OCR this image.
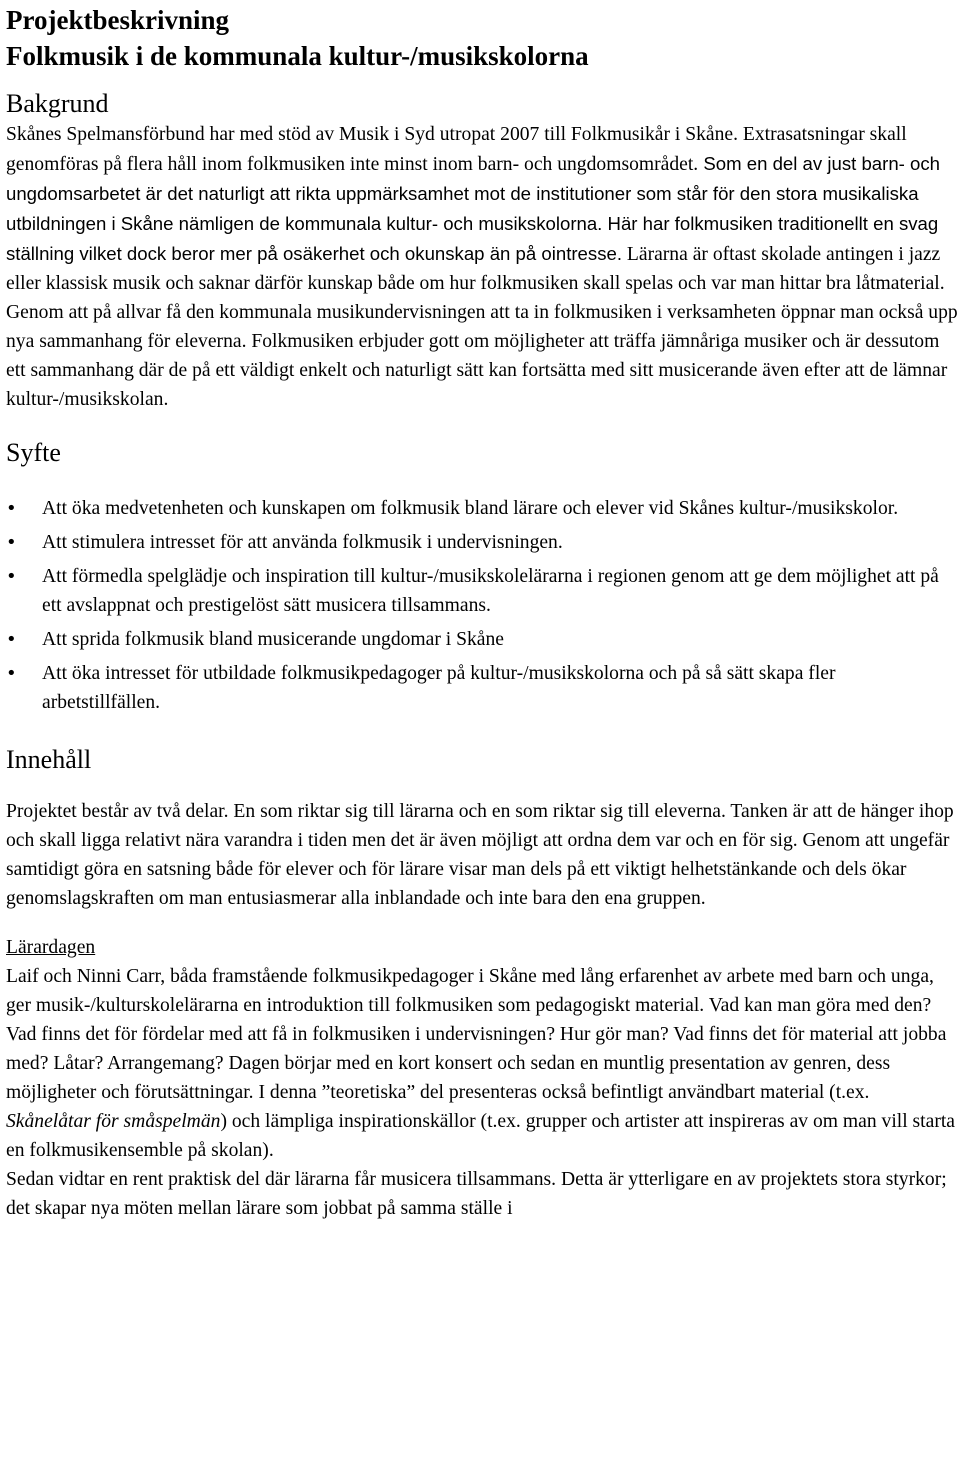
Projektbeskrivning
Folkmusik i de kommunala kultur-/musikskolorna
Bakgrund

Skånes Spelmansförbund har med stöd av Musik i Syd utropat 2007 till Folkmusikår i Skåne. Extrasatsningar skall genomföras på flera håll inom folkmusiken inte minst inom barn- och ungdomsområdet. Som en del av just barn- och ungdomsarbetet är det naturligt att rikta uppmärksamhet mot de institutioner som står för den stora musikaliska utbildningen i Skåne nämligen de kommunala kultur- och musikskolorna. Här har folkmusiken traditionellt en svag ställning vilket dock beror mer på osäkerhet och okunskap än på ointresse. Lärarna är oftast skolade antingen i jazz eller klassisk musik och saknar därför kunskap både om hur folkmusiken skall spelas och var man hittar bra låtmaterial.

Genom att på allvar få den kommunala musikundervisningen att ta in folkmusiken i verksamheten öppnar man också upp nya sammanhang för eleverna. Folkmusiken erbjuder gott om möjligheter att träffa jämnåriga musiker och är dessutom ett sammanhang där de på ett väldigt enkelt och naturligt sätt kan fortsätta med sitt musicerande även efter att de lämnar kultur-/musikskolan.

Syfte
• Att öka medvetenheten och kunskapen om folkmusik bland lärare och elever vid Skånes kultur-/musikskolor.
• Att stimulera intresset för att använda folkmusik i undervisningen.
• Att förmedla spelglädje och inspiration till kultur-/musikskolelärarna i regionen genom att ge dem möjlighet att på ett avslappnat och prestigelöst sätt musicera tillsammans.
• Att sprida folkmusik bland musicerande ungdomar i Skåne
• Att öka intresset för utbildade folkmusikpedagoger på kultur-/musikskolorna och på så sätt skapa fler arbetstillfällen.
Innehåll

Projektet består av två delar. En som riktar sig till lärarna och en som riktar sig till eleverna. Tanken är att de hänger ihop och skall ligga relativt nära varandra i tiden men det är även möjligt att ordna dem var och en för sig. Genom att ungefär samtidigt göra en satsning både för elever och för lärare visar man dels på ett viktigt helhetstänkande och dels ökar genomslagskraften om man entusiasmerar alla inblandade och inte bara den ena gruppen.

Lärardagen

Laif och Ninni Carr, båda framstående folkmusikpedagoger i Skåne med lång erfarenhet av arbete med barn och unga, ger musik-/kulturskolelärarna en introduktion till folkmusiken som pedagogiskt material. Vad kan man göra med den? Vad finns det för fördelar med att få in folkmusiken i undervisningen? Hur gör man? Vad finns det för material att jobba med? Låtar? Arrangemang? Dagen börjar med en kort konsert och sedan en muntlig presentation av genren, dess möjligheter och förutsättningar. I denna ”teoretiska” del presenteras också befintligt användbart material (t.ex. Skånelåtar för småspelmän) och lämpliga inspirationskällor (t.ex. grupper och artister att inspireras av om man vill starta en folkmusikensemble på skolan).

Sedan vidtar en rent praktisk del där lärarna får musicera tillsammans. Detta är ytterligare en av projektets stora styrkor; det skapar nya möten mellan lärare som jobbat på samma ställe i
